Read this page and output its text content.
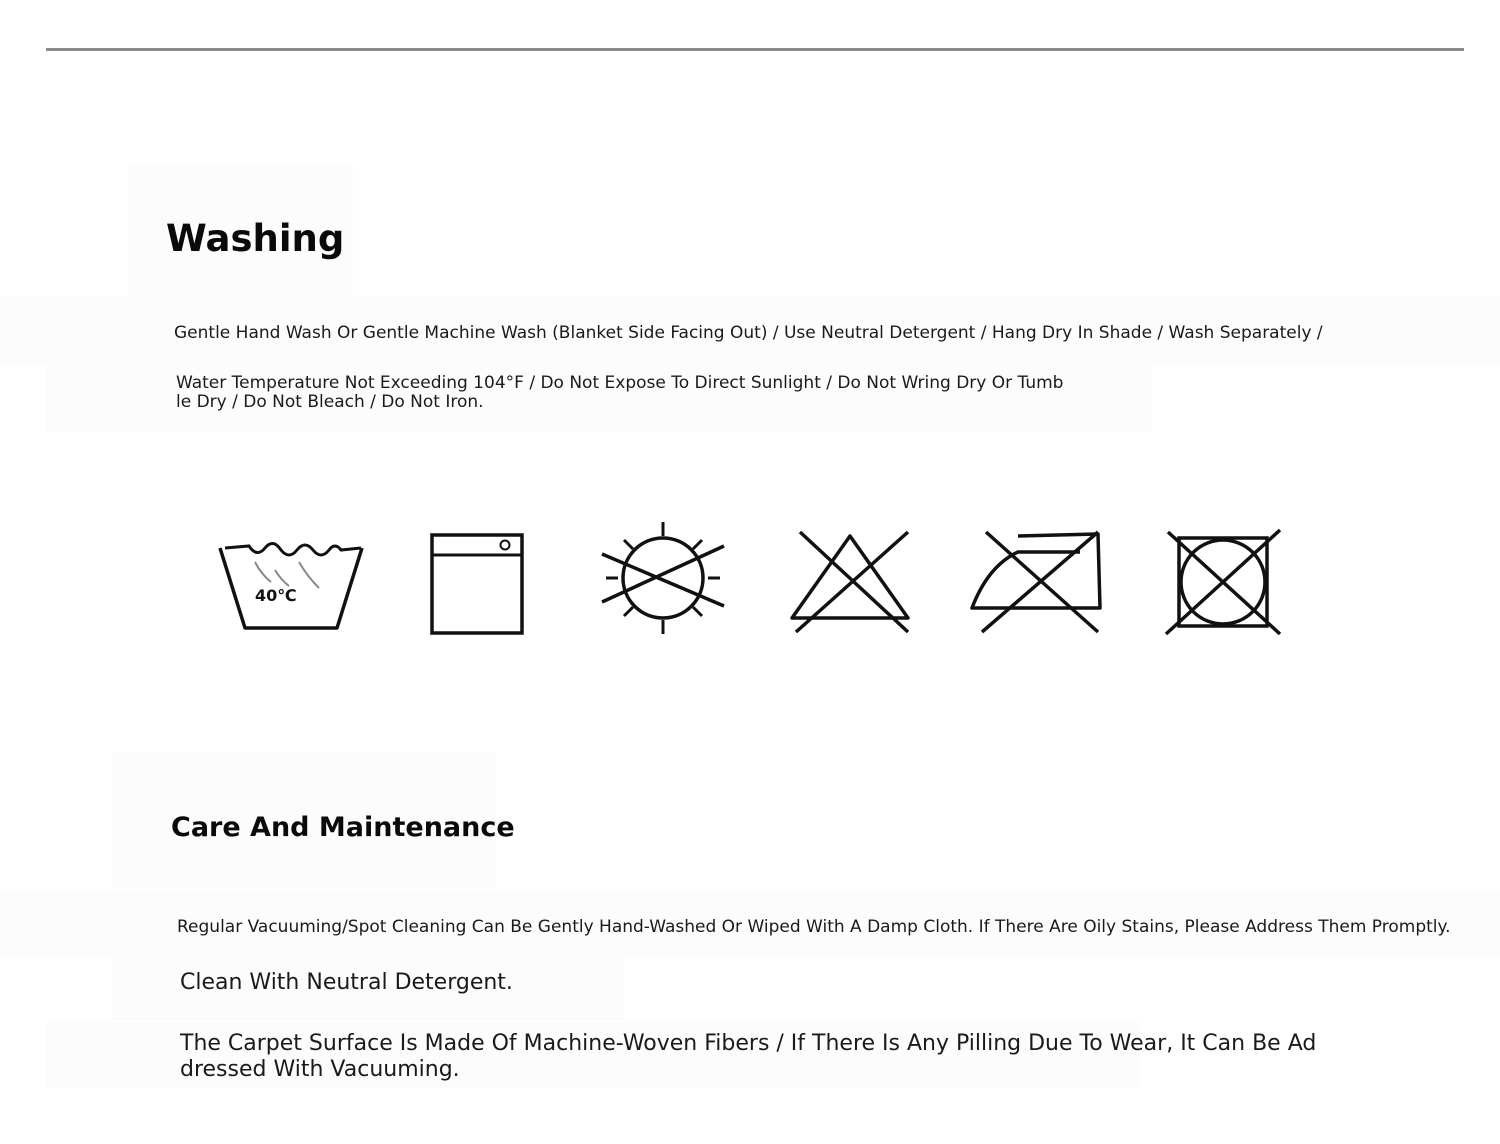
Washing

Gentle Hand Wash Or Gentle Machine Wash (Blanket Side Facing Out) / Use Neutral Detergent / Hang Dry In Shade / Wash Separately /

Water Temperature Not Exceeding 104°F / Do Not Expose To Direct Sunlight / Do Not Wring Dry Or Tumb
le Dry / Do Not Bleach / Do Not Iron.
40℃
Care And Maintenance

Regular Vacuuming/Spot Cleaning Can Be Gently Hand-Washed Or Wiped With A Damp Cloth. If There Are Oily Stains, Please Address Them Promptly.

Clean With Neutral Detergent.

The Carpet Surface Is Made Of Machine-Woven Fibers / If There Is Any Pilling Due To Wear, It Can Be Ad
dressed With Vacuuming.
